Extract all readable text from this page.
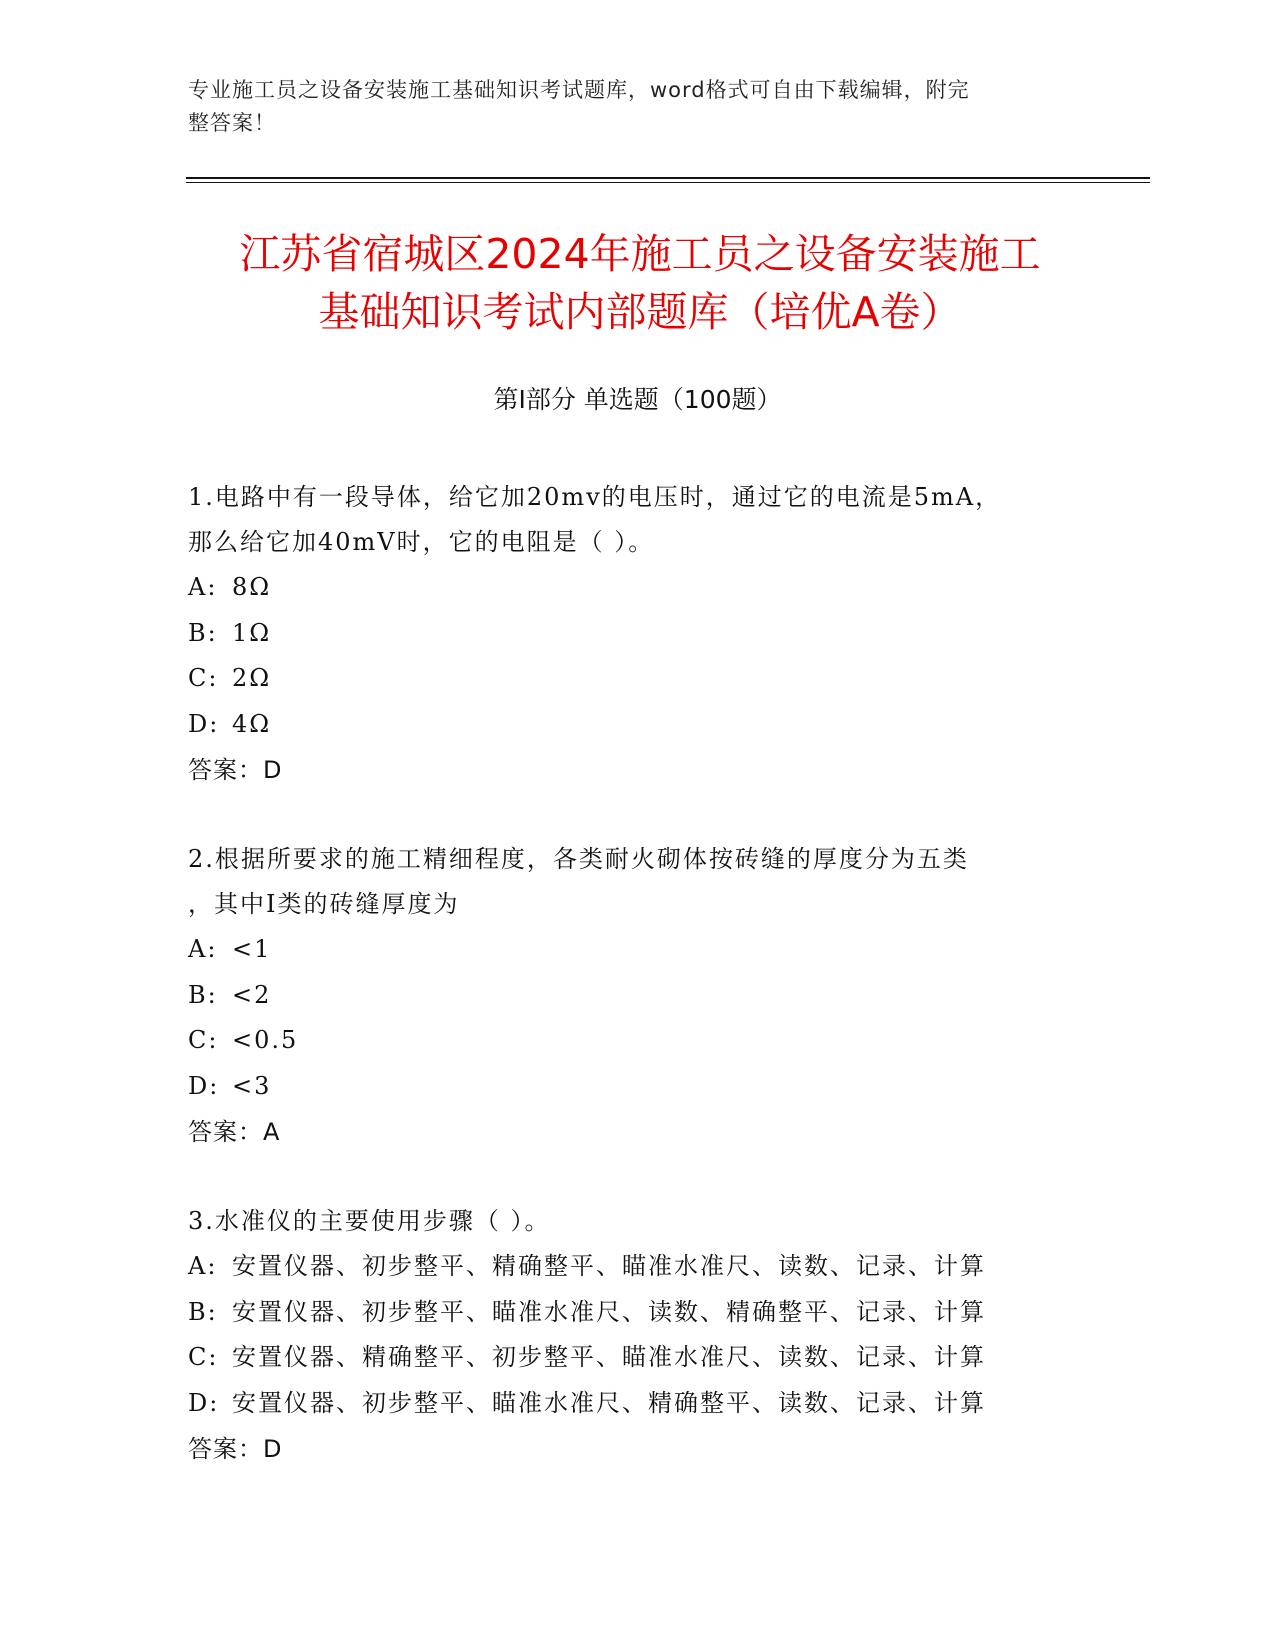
专业施工员之设备安装施工基础知识考试题库，word格式可自由下载编辑，附完
整答案！
江苏省宿城区2024年施工员之设备安装施工
基础知识考试内部题库（培优A卷）
第Ⅰ部分 单选题（100题）
1.电路中有一段导体，给它加20mv的电压时，通过它的电流是5mA，
那么给它加40mV时，它的电阻是（ ）。
A: 8Ω
B: 1Ω
C: 2Ω
D: 4Ω
答案：D
2.根据所要求的施工精细程度，各类耐火砌体按砖缝的厚度分为五类
，其中I类的砖缝厚度为
A: <1
B: <2
C: <0.5
D: <3
答案：A
3.水准仪的主要使用步骤（ ）。
A: 安置仪器、初步整平、精确整平、瞄准水准尺、读数、记录、计算
B: 安置仪器、初步整平、瞄准水准尺、读数、精确整平、记录、计算
C: 安置仪器、精确整平、初步整平、瞄准水准尺、读数、记录、计算
D: 安置仪器、初步整平、瞄准水准尺、精确整平、读数、记录、计算
答案：D
